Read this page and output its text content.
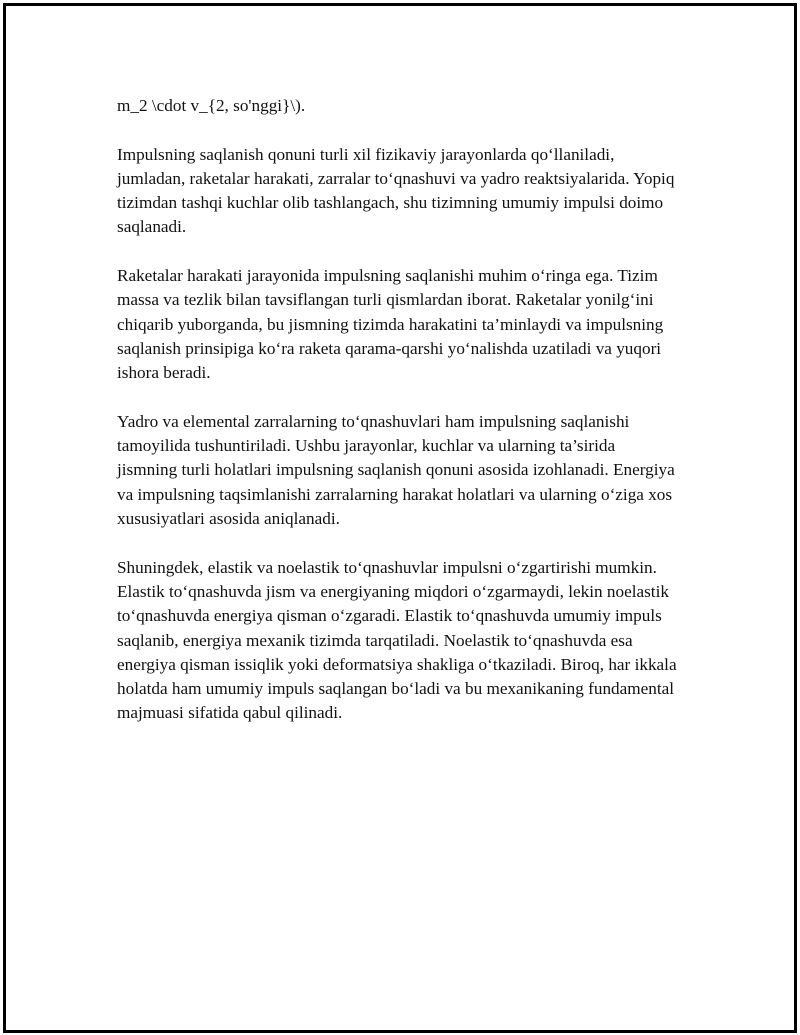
m_2 \cdot v_{2, so'nggi}\).

Impulsning saqlanish qonuni turli xil fizikaviy jarayonlarda qo‘llaniladi, jumladan, raketalar harakati, zarralar to‘qnashuvi va yadro reaktsiyalarida. Yopiq tizimdan tashqi kuchlar olib tashlangach, shu tizimning umumiy impulsi doimo saqlanadi.

Raketalar harakati jarayonida impulsning saqlanishi muhim o‘ringa ega. Tizim massa va tezlik bilan tavsiflangan turli qismlardan iborat. Raketalar yonilg‘ini chiqarib yuborganda, bu jismning tizimda harakatini ta’minlaydi va impulsning saqlanish prinsipiga ko‘ra raketa qarama-qarshi yo‘nalishda uzatiladi va yuqori ishora beradi.

Yadro va elemental zarralarning to‘qnashuvlari ham impulsning saqlanishi tamoyilida tushuntiriladi. Ushbu jarayonlar, kuchlar va ularning ta’sirida jismning turli holatlari impulsning saqlanish qonuni asosida izohlanadi. Energiya va impulsning taqsimlanishi zarralarning harakat holatlari va ularning o‘ziga xos xususiyatlari asosida aniqlanadi.

Shuningdek, elastik va noelastik to‘qnashuvlar impulsni o‘zgartirishi mumkin. Elastik to‘qnashuvda jism va energiyaning miqdori o‘zgarmaydi, lekin noelastik to‘qnashuvda energiya qisman o‘zgaradi. Elastik to‘qnashuvda umumiy impuls saqlanib, energiya mexanik tizimda tarqatiladi. Noelastik to‘qnashuvda esa energiya qisman issiqlik yoki deformatsiya shakliga o‘tkaziladi. Biroq, har ikkala holatda ham umumiy impuls saqlangan bo‘ladi va bu mexanikaning fundamental majmuasi sifatida qabul qilinadi.
